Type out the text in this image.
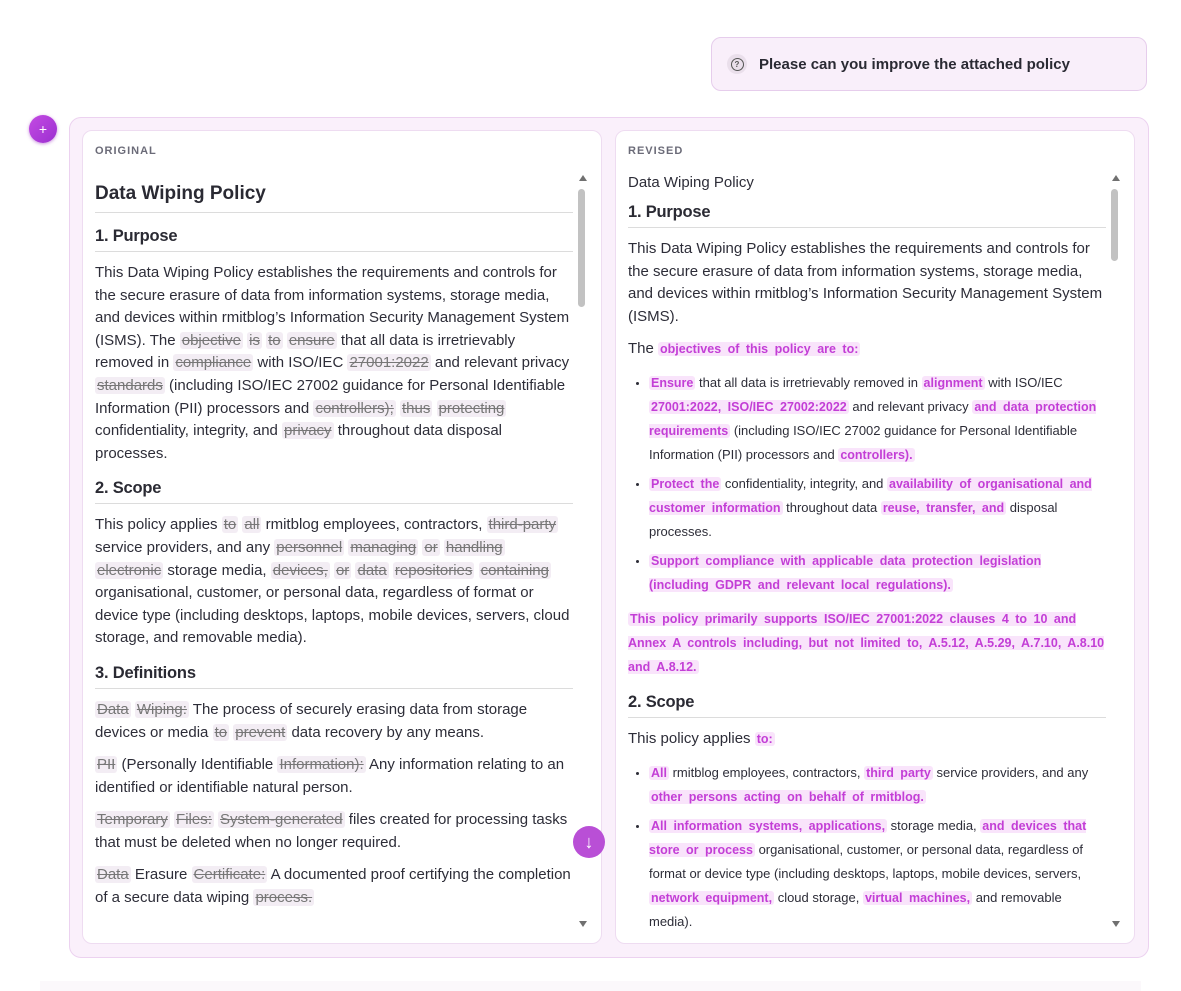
? Please can you improve the attached policy
+
ORIGINAL
Data Wiping Policy
1. Purpose

This Data Wiping Policy establishes the requirements and controls for the secure erasure of data from information systems, storage media, and devices within rmitblog’s Information Security Management System (ISMS). The objective is to ensure that all data is irretrievably removed in compliance with ISO/IEC 27001:2022 and relevant privacy standards (including ISO/IEC 27002 guidance for Personal Identifiable Information (PII) processors and controllers); thus protecting confidentiality, integrity, and privacy throughout data disposal processes.

2. Scope

This policy applies to all rmitblog employees, contractors, third-party service providers, and any personnel managing or handling electronic storage media, devices, or data repositories containing organisational, customer, or personal data, regardless of format or device type (including desktops, laptops, mobile devices, servers, cloud storage, and removable media).

3. Definitions

Data Wiping: The process of securely erasing data from storage devices or media to prevent data recovery by any means.

PII (Personally Identifiable Information): Any information relating to an identified or identifiable natural person.

Temporary Files: System-generated files created for processing tasks that must be deleted when no longer required.

Data Erasure Certificate: A documented proof certifying the completion of a secure data wiping process.

REVISED
Data Wiping Policy
1. Purpose

This Data Wiping Policy establishes the requirements and controls for the secure erasure of data from information systems, storage media, and devices within rmitblog’s Information Security Management System (ISMS).

The objectives of this policy are to:

• Ensure that all data is irretrievably removed in alignment with ISO/IEC 27001:2022, ISO/IEC 27002:2022 and relevant privacy and data protection requirements (including ISO/IEC 27002 guidance for Personal Identifiable Information (PII) processors and controllers).
• Protect the confidentiality, integrity, and availability of organisational and customer information throughout data reuse, transfer, and disposal processes.
• Support compliance with applicable data protection legislation (including GDPR and relevant local regulations).

This policy primarily supports ISO/IEC 27001:2022 clauses 4 to 10 and Annex A controls including, but not limited to, A.5.12, A.5.29, A.7.10, A.8.10 and A.8.12.

2. Scope

This policy applies to:

• All rmitblog employees, contractors, third party service providers, and any other persons acting on behalf of rmitblog.
• All information systems, applications, storage media, and devices that store or process organisational, customer, or personal data, regardless of format or device type (including desktops, laptops, mobile devices, servers, network equipment, cloud storage, virtual machines, and removable media).
↓
